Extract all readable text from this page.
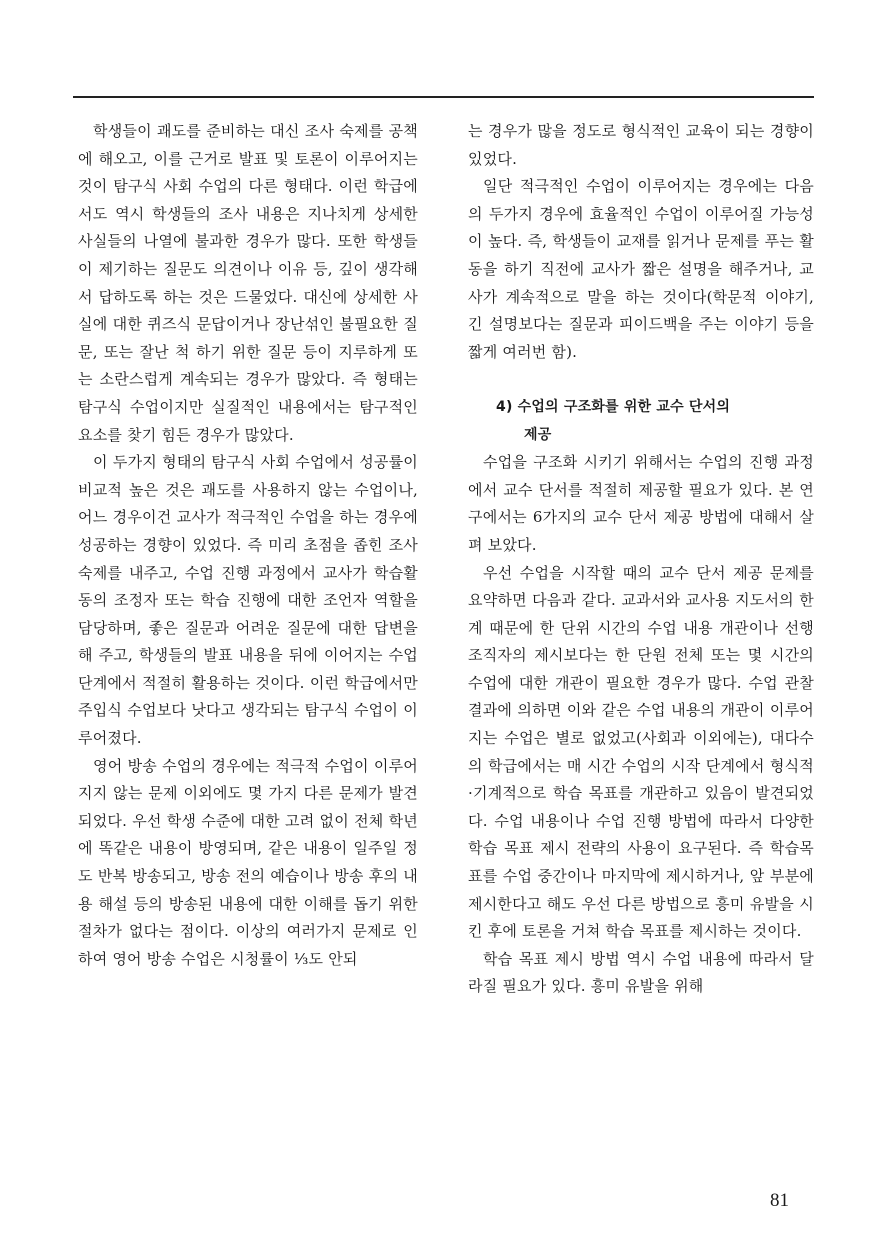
학생들이 괘도를 준비하는 대신 조사 숙제를 공책에 해오고, 이를 근거로 발표 및 토론이 이루어지는 것이 탐구식 사회 수업의 다른 형태다. 이런 학급에서도 역시 학생들의 조사 내용은 지나치게 상세한 사실들의 나열에 불과한 경우가 많다. 또한 학생들이 제기하는 질문도 의견이나 이유 등, 깊이 생각해서 답하도록 하는 것은 드물었다. 대신에 상세한 사실에 대한 퀴즈식 문답이거나 장난섞인 불필요한 질문, 또는 잘난 척 하기 위한 질문 등이 지루하게 또는 소란스럽게 계속되는 경우가 많았다. 즉 형태는 탐구식 수업이지만 실질적인 내용에서는 탐구적인 요소를 찾기 힘든 경우가 많았다.

이 두가지 형태의 탐구식 사회 수업에서 성공률이 비교적 높은 것은 괘도를 사용하지 않는 수업이나, 어느 경우이건 교사가 적극적인 수업을 하는 경우에 성공하는 경향이 있었다. 즉 미리 초점을 좁힌 조사 숙제를 내주고, 수업 진행 과정에서 교사가 학습활동의 조정자 또는 학습 진행에 대한 조언자 역할을 담당하며, 좋은 질문과 어려운 질문에 대한 답변을 해 주고, 학생들의 발표 내용을 뒤에 이어지는 수업 단계에서 적절히 활용하는 것이다. 이런 학급에서만 주입식 수업보다 낫다고 생각되는 탐구식 수업이 이루어졌다.

영어 방송 수업의 경우에는 적극적 수업이 이루어지지 않는 문제 이외에도 몇 가지 다른 문제가 발견되었다. 우선 학생 수준에 대한 고려 없이 전체 학년에 똑같은 내용이 방영되며, 같은 내용이 일주일 정도 반복 방송되고, 방송 전의 예습이나 방송 후의 내용 해설 등의 방송된 내용에 대한 이해를 돕기 위한 절차가 없다는 점이다. 이상의 여러가지 문제로 인하여 영어 방송 수업은 시청률이 ⅓도 안되

는 경우가 많을 정도로 형식적인 교육이 되는 경향이 있었다.

일단 적극적인 수업이 이루어지는 경우에는 다음의 두가지 경우에 효율적인 수업이 이루어질 가능성이 높다. 즉, 학생들이 교재를 읽거나 문제를 푸는 활동을 하기 직전에 교사가 짧은 설명을 해주거나, 교사가 계속적으로 말을 하는 것이다(학문적 이야기, 긴 설명보다는 질문과 피이드백을 주는 이야기 등을 짧게 여러번 함).

4) 수업의 구조화를 위한 교수 단서의

제공

수업을 구조화 시키기 위해서는 수업의 진행 과정에서 교수 단서를 적절히 제공할 필요가 있다. 본 연구에서는 6가지의 교수 단서 제공 방법에 대해서 살펴 보았다.

우선 수업을 시작할 때의 교수 단서 제공 문제를 요약하면 다음과 같다. 교과서와 교사용 지도서의 한계 때문에 한 단위 시간의 수업 내용 개관이나 선행조직자의 제시보다는 한 단원 전체 또는 몇 시간의 수업에 대한 개관이 필요한 경우가 많다. 수업 관찰 결과에 의하면 이와 같은 수업 내용의 개관이 이루어지는 수업은 별로 없었고(사회과 이외에는), 대다수의 학급에서는 매 시간 수업의 시작 단계에서 형식적·기계적으로 학습 목표를 개관하고 있음이 발견되었다. 수업 내용이나 수업 진행 방법에 따라서 다양한 학습 목표 제시 전략의 사용이 요구된다. 즉 학습목표를 수업 중간이나 마지막에 제시하거나, 앞 부분에 제시한다고 해도 우선 다른 방법으로 흥미 유발을 시킨 후에 토론을 거쳐 학습 목표를 제시하는 것이다.

학습 목표 제시 방법 역시 수업 내용에 따라서 달라질 필요가 있다. 흥미 유발을 위해

81
